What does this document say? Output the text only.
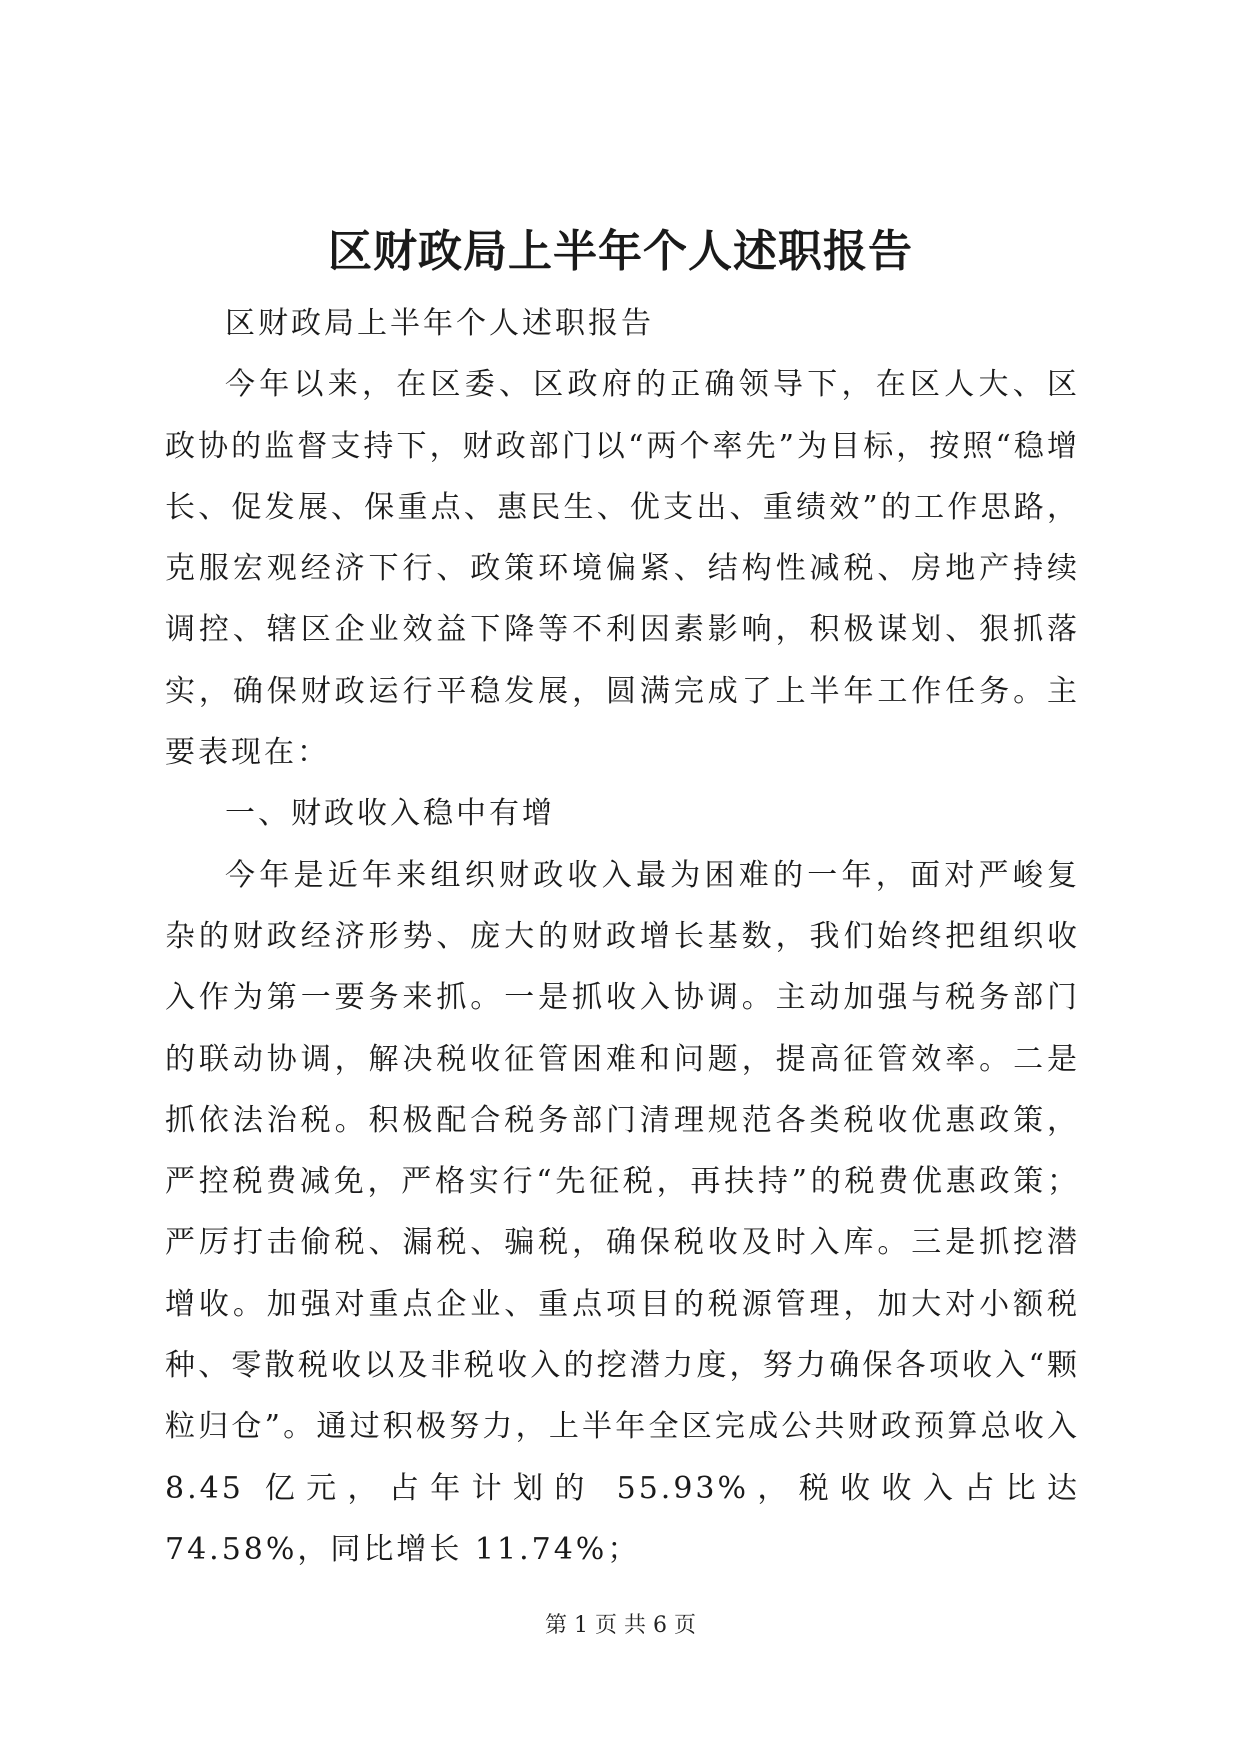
区财政局上半年个人述职报告

区财政局上半年个人述职报告

今年以来，在区委、区政府的正确领导下，在区人大、区政协的监督支持下，财政部门以“两个率先”为目标，按照“稳增长、促发展、保重点、惠民生、优支出、重绩效”的工作思路，克服宏观经济下行、政策环境偏紧、结构性减税、房地产持续调控、辖区企业效益下降等不利因素影响，积极谋划、狠抓落实，确保财政运行平稳发展，圆满完成了上半年工作任务。主要表现在：

一、财政收入稳中有增

今年是近年来组织财政收入最为困难的一年，面对严峻复杂的财政经济形势、庞大的财政增长基数，我们始终把组织收入作为第一要务来抓。一是抓收入协调。主动加强与税务部门的联动协调，解决税收征管困难和问题，提高征管效率。二是抓依法治税。积极配合税务部门清理规范各类税收优惠政策，严控税费减免，严格实行“先征税，再扶持”的税费优惠政策；严厉打击偷税、漏税、骗税，确保税收及时入库。三是抓挖潜增收。加强对重点企业、重点项目的税源管理，加大对小额税种、零散税收以及非税收入的挖潜力度，努力确保各项收入“颗粒归仓”。通过积极努力，上半年全区完成公共财政预算总收入 8.45 亿元，占年计划的 55.93%，税收收入占比达 74.58%，同比增长 11.74%；

第 1 页 共 6 页
